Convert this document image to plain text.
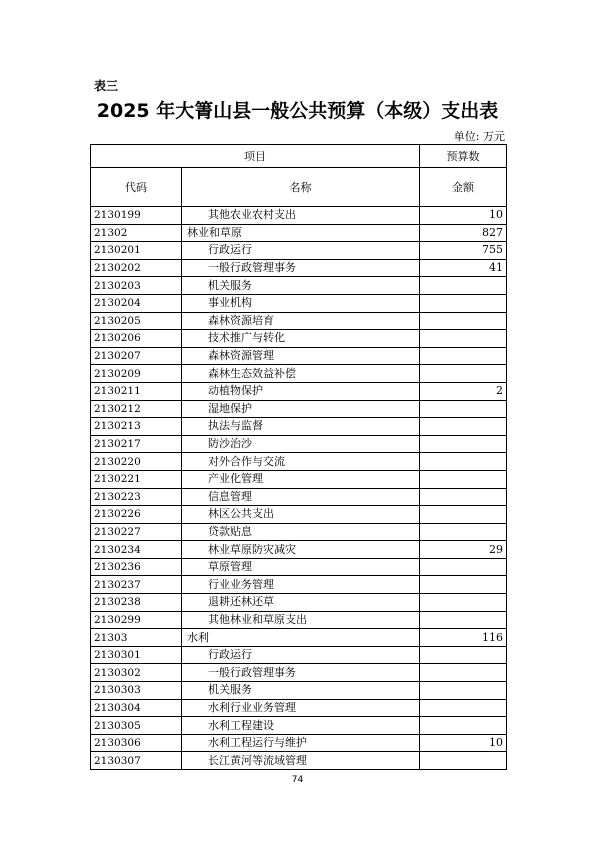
表三
2025 年大箐山县一般公共预算（本级）支出表
单位: 万元
项目		预算数
代码	名称	金额
2130199	其他农业农村支出	10
21302	林业和草原	827
2130201	行政运行	755
2130202	一般行政管理事务	41
2130203	机关服务	
2130204	事业机构	
2130205	森林资源培育	
2130206	技术推广与转化	
2130207	森林资源管理	
2130209	森林生态效益补偿	
2130211	动植物保护	2
2130212	湿地保护	
2130213	执法与监督	
2130217	防沙治沙	
2130220	对外合作与交流	
2130221	产业化管理	
2130223	信息管理	
2130226	林区公共支出	
2130227	贷款贴息	
2130234	林业草原防灾减灾	29
2130236	草原管理	
2130237	行业业务管理	
2130238	退耕还林还草	
2130299	其他林业和草原支出	
21303	水利	116
2130301	行政运行	
2130302	一般行政管理事务	
2130303	机关服务	
2130304	水利行业业务管理	
2130305	水利工程建设	
2130306	水利工程运行与维护	10
2130307	长江黄河等流域管理	
74
